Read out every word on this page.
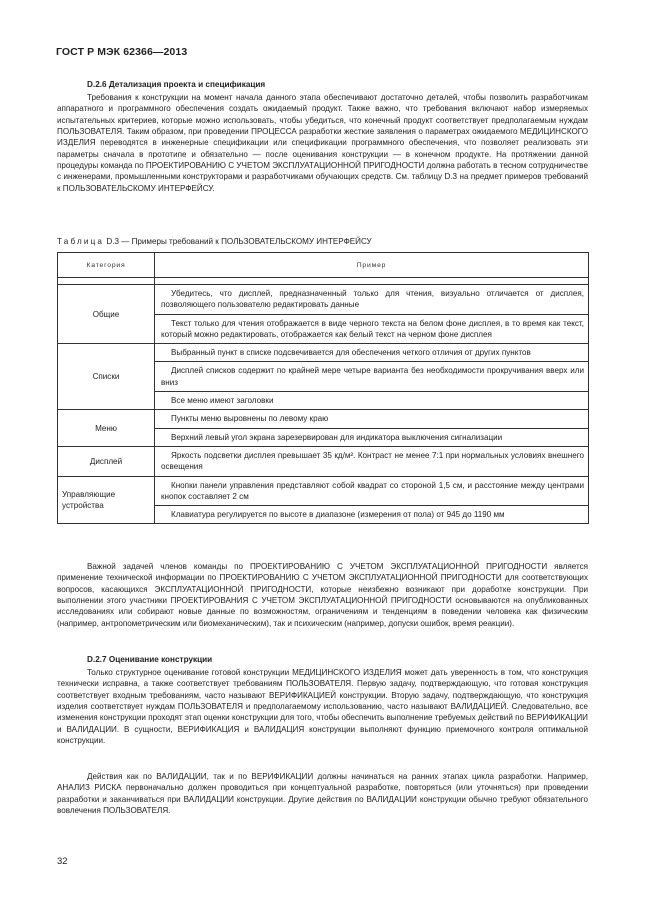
ГОСТ Р МЭК 62366—2013
D.2.6 Детализация проекта и спецификация
Требования к конструкции на момент начала данного этапа обеспечивают достаточно деталей, чтобы позволить разработчикам аппаратного и программного обеспечения создать ожидаемый продукт. Также важно, что требования включают набор измеряемых испытательных критериев, которые можно использовать, чтобы убедиться, что конечный продукт соответствует предполагаемым нуждам ПОЛЬЗОВАТЕЛЯ. Таким образом, при проведении ПРОЦЕССА разработки жесткие заявления о параметрах ожидаемого МЕДИЦИНСКОГО ИЗДЕЛИЯ переводятся в инженерные спецификации или спецификации программного обеспечения, что позволяет реализовать эти параметры сначала в прототипе и обязательно — после оценивания конструкции — в конечном продукте. На протяжении данной процедуры команда по ПРОЕКТИРОВАНИЮ С УЧЕТОМ ЭКСПЛУАТАЦИОННОЙ ПРИГОДНОСТИ должна работать в тесном сотрудничестве с инженерами, промышленными конструкторами и разработчиками обучающих средств. См. таблицу D.3 на предмет примеров требований к ПОЛЬЗОВАТЕЛЬСКОМУ ИНТЕРФЕЙСУ.
Таблица D.3 — Примеры требований к ПОЛЬЗОВАТЕЛЬСКОМУ ИНТЕРФЕЙСУ
Категория	Пример

Общие	Убедитесь, что дисплей, предназначенный только для чтения, визуально отличается от дисплея, позволяющего пользователю редактировать данные
	Текст только для чтения отображается в виде черного текста на белом фоне дисплея, в то время как текст, который можно редактировать, отображается как белый текст на черном фоне дисплея
Списки	Выбранный пункт в списке подсвечивается для обеспечения четкого отличия от других пунктов
	Дисплей списков содержит по крайней мере четыре варианта без необходимости прокручивания вверх или вниз
	Все меню имеют заголовки
Меню	Пункты меню выровнены по левому краю
	Верхний левый угол экрана зарезервирован для индикатора выключения сигнализации
Дисплей	Яркость подсветки дисплея превышает 35 кд/м². Контраст не менее 7:1 при нормальных условиях внешнего освещения
Управляющие устройства	Кнопки панели управления представляют собой квадрат со стороной 1,5 см, и расстояние между центрами кнопок составляет 2 см
	Клавиатура регулируется по высоте в диапазоне (измерения от пола) от 945 до 1190 мм
Важной задачей членов команды по ПРОЕКТИРОВАНИЮ С УЧЕТОМ ЭКСПЛУАТАЦИОННОЙ ПРИГОДНОСТИ является применение технической информации по ПРОЕКТИРОВАНИЮ С УЧЕТОМ ЭКСПЛУАТАЦИОННОЙ ПРИГОДНОСТИ для соответствующих вопросов, касающихся ЭКСПЛУАТАЦИОННОЙ ПРИГОДНОСТИ, которые неизбежно возникают при доработке конструкции. При выполнении этого участники ПРОЕКТИРОВАНИЯ С УЧЕТОМ ЭКСПЛУАТАЦИОННОЙ ПРИГОДНОСТИ основываются на опубликованных исследованиях или собирают новые данные по возможностям, ограничениям и тенденциям в поведении человека как физическим (например, антропометрическим или биомеханическим), так и психическим (например, допуски ошибок, время реакции).
D.2.7 Оценивание конструкции
Только структурное оценивание готовой конструкции МЕДИЦИНСКОГО ИЗДЕЛИЯ может дать уверенность в том, что конструкция технически исправна, а также соответствует требованиям ПОЛЬЗОВАТЕЛЯ. Первую задачу, подтверждающую, что готовая конструкция соответствует входным требованиям, часто называют ВЕРИФИКАЦИЕЙ конструкции. Вторую задачу, подтверждающую, что конструкция изделия соответствует нуждам ПОЛЬЗОВАТЕЛЯ и предполагаемому использованию, часто называют ВАЛИДАЦИЕЙ. Следовательно, все изменения конструкции проходят этап оценки конструкции для того, чтобы обеспечить выполнение требуемых действий по ВЕРИФИКАЦИИ и ВАЛИДАЦИИ. В сущности, ВЕРИФИКАЦИЯ и ВАЛИДАЦИЯ конструкции выполняют функцию приемочного контроля оптимальной конструкции.
Действия как по ВАЛИДАЦИИ, так и по ВЕРИФИКАЦИИ должны начинаться на ранних этапах цикла разработки. Например, АНАЛИЗ РИСКА первоначально должен проводиться при концептуальной разработке, повторяться (или уточняться) при проведении разработки и заканчиваться при ВАЛИДАЦИИ конструкции. Другие действия по ВАЛИДАЦИИ конструкции обычно требуют обязательного вовлечения ПОЛЬЗОВАТЕЛЯ.
32
